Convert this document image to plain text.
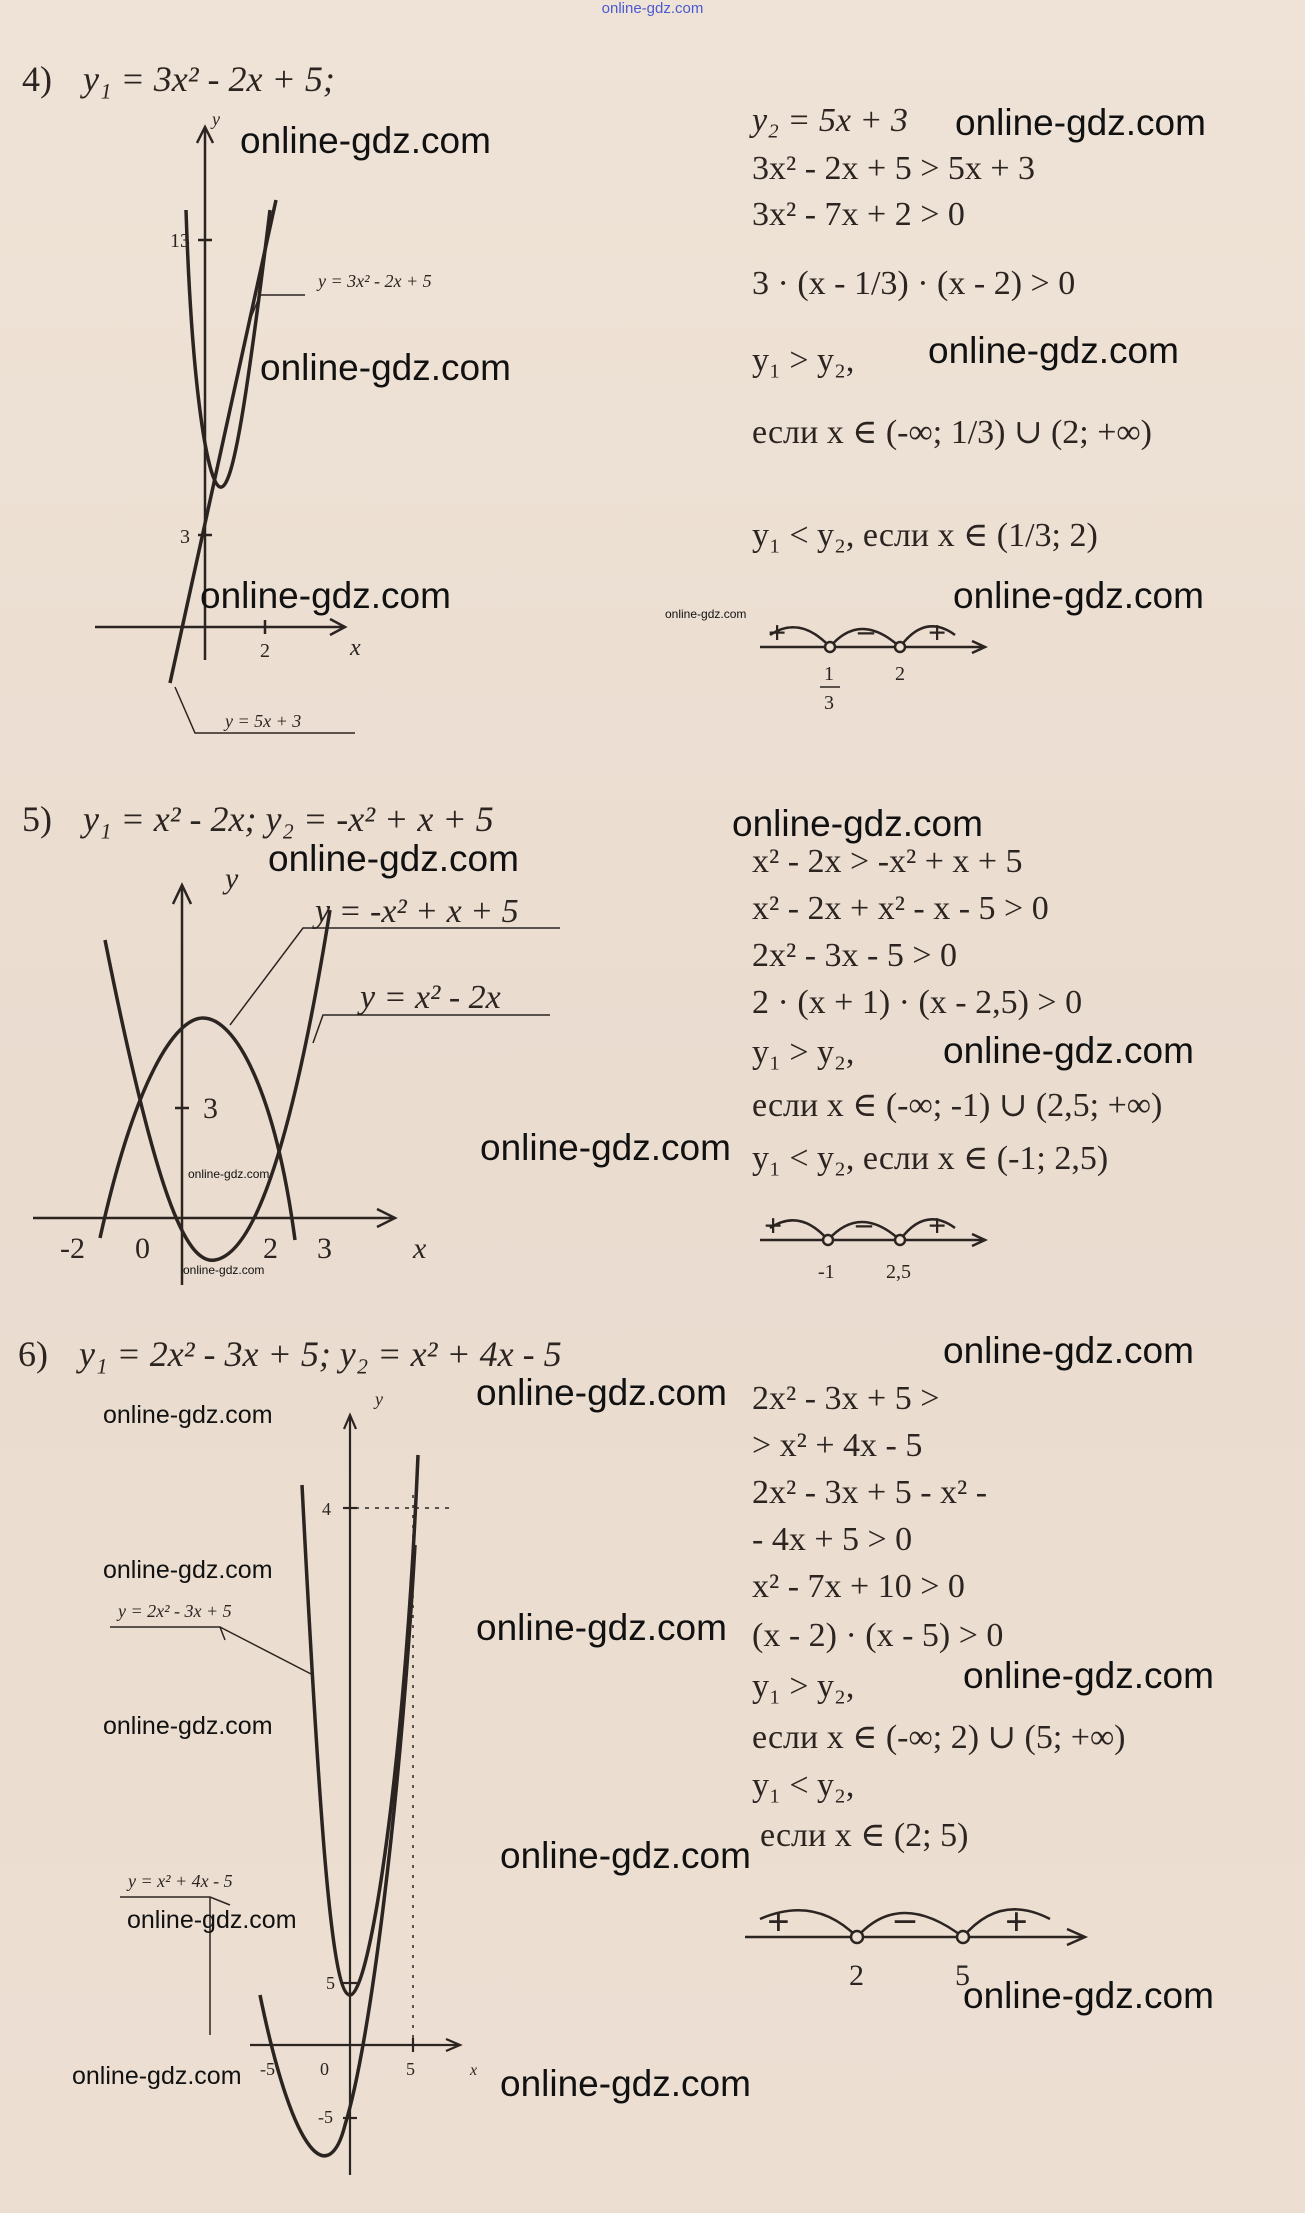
online-gdz.com
4) y₁ = 3x² - 2x + 5;
y
x
13
3
2
y = 3x² - 2x + 5
y = 5x + 3
y₂ = 5x + 3
3x² - 2x + 5 > 5x + 3
3x² - 7x + 2 > 0
3 · (x - 1/3) · (x - 2) > 0
y₁ > y₂,
если x ∈ (-∞; 1/3) ∪ (2; +∞)
y₁ < y₂, если x ∈ (1/3; 2)
+ – +
1
3
2
5) y₁ = x² - 2x; y₂ = -x² + x + 5
y
x
3
-2 0	2 3
y = -x² + x + 5
y = x² - 2x
x² - 2x > -x² + x + 5
x² - 2x + x² - x - 5 > 0
2x² - 3x - 5 > 0
2 · (x + 1) · (x - 2,5) > 0
y₁ > y₂,
если x ∈ (-∞; -1) ∪ (2,5; +∞)
y₁ < y₂, если x ∈ (-1; 2,5)
+ – +
-1	2,5
6) y₁ = 2x² - 3x + 5; y₂ = x² + 4x - 5
y
x
4
5
-5
-5	0	5
y = 2x² - 3x + 5
y = x² + 4x - 5
2x² - 3x + 5 >
> x² + 4x - 5
2x² - 3x + 5 - x² -
- 4x + 5 > 0
x² - 7x + 10 > 0
(x - 2) · (x - 5) > 0
y₁ > y₂,
если x ∈ (-∞; 2) ∪ (5; +∞)
y₁ < y₂,
если x ∈ (2; 5)
+	– +
2	5
online-gdz.com	online-gdz.com
online-gdz.com	online-gdz.com
online-gdz.com	online-gdz.com
online-gdz.com
online-gdz.com
online-gdz.com
online-gdz.com
online-gdz.com
online-gdz.com
online-gdz.com
online-gdz.com
online-gdz.com
online-gdz.com
online-gdz.com
online-gdz.com
online-gdz.com
online-gdz.com
online-gdz.com
online-gdz.com
online-gdz.com
online-gdz.com	online-gdz.com
